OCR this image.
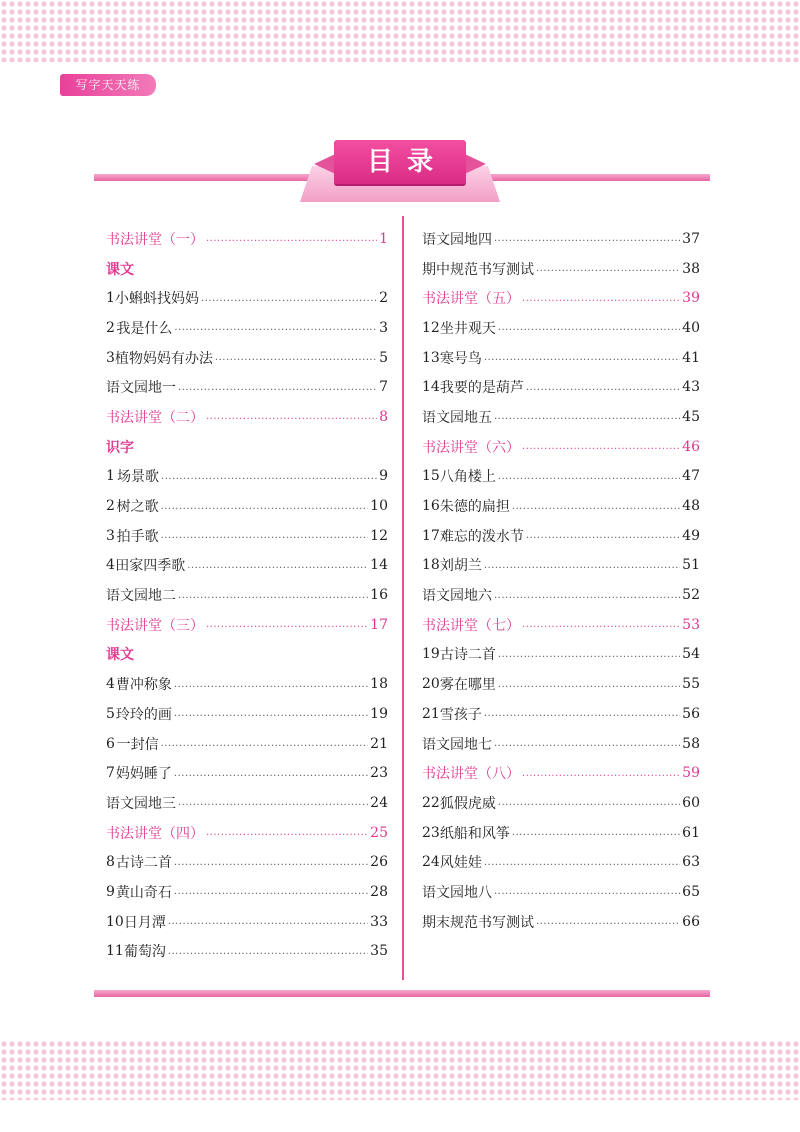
写字天天练
目录
书法讲堂（一） .....	1
课文
1 小蝌蚪找妈妈 .....	2
2 我是什么 .....	3
3 植物妈妈有办法 .....	5
语文园地一 .....	7
书法讲堂（二） .....	8
识字
1 场景歌 .....	9
2 树之歌 .....	10
3 拍手歌 .....	12
4 田家四季歌 .....	14
语文园地二 .....	16
书法讲堂（三） .....	17
课文
4 曹冲称象 .....	18
5 玲玲的画 .....	19
6 一封信 .....	21
7 妈妈睡了 .....	23
语文园地三 .....	24
书法讲堂（四） .....	25
8 古诗二首 .....	26
9 黄山奇石 .....	28
10 日月潭 .....	33
11 葡萄沟 .....	35
语文园地四 .....	37
期中规范书写测试 .....	38
书法讲堂（五） .....	39
12 坐井观天 .....	40
13 寒号鸟 .....	41
14 我要的是葫芦 .....	43
语文园地五 .....	45
书法讲堂（六） .....	46
15 八角楼上 .....	47
16 朱德的扁担 .....	48
17 难忘的泼水节 .....	49
18 刘胡兰 .....	51
语文园地六 .....	52
书法讲堂（七） .....	53
19 古诗二首 .....	54
20 雾在哪里 .....	55
21 雪孩子 .....	56
语文园地七 .....	58
书法讲堂（八） .....	59
22 狐假虎威 .....	60
23 纸船和风筝 .....	61
24 风娃娃 .....	63
语文园地八 .....	65
期末规范书写测试 .....	66
